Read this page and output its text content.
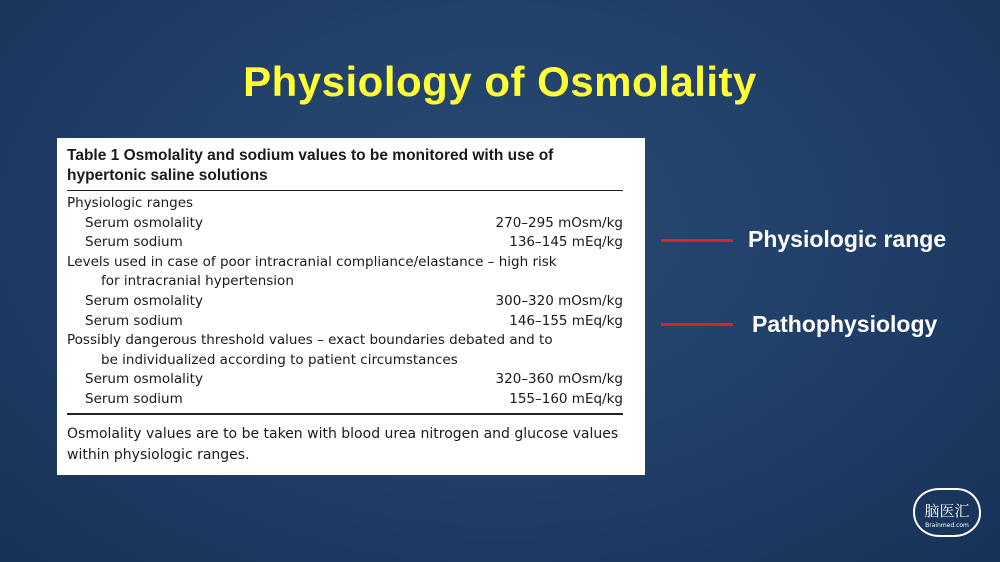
Physiology of Osmolality
Table 1 Osmolality and sodium values to be monitored with use of hypertonic saline solutions
Physiologic ranges
Serum osmolality	270–295 mOsm/kg
Serum sodium	136–145 mEq/kg
Levels used in case of poor intracranial compliance/elastance – high risk
for intracranial hypertension
Serum osmolality	300–320 mOsm/kg
Serum sodium	146–155 mEq/kg
Possibly dangerous threshold values – exact boundaries debated and to
be individualized according to patient circumstances
Serum osmolality	320–360 mOsm/kg
Serum sodium	155–160 mEq/kg
Osmolality values are to be taken with blood urea nitrogen and glucose values within physiologic ranges.
Physiologic range
Pathophysiology
脑医汇
Brainmed.com
